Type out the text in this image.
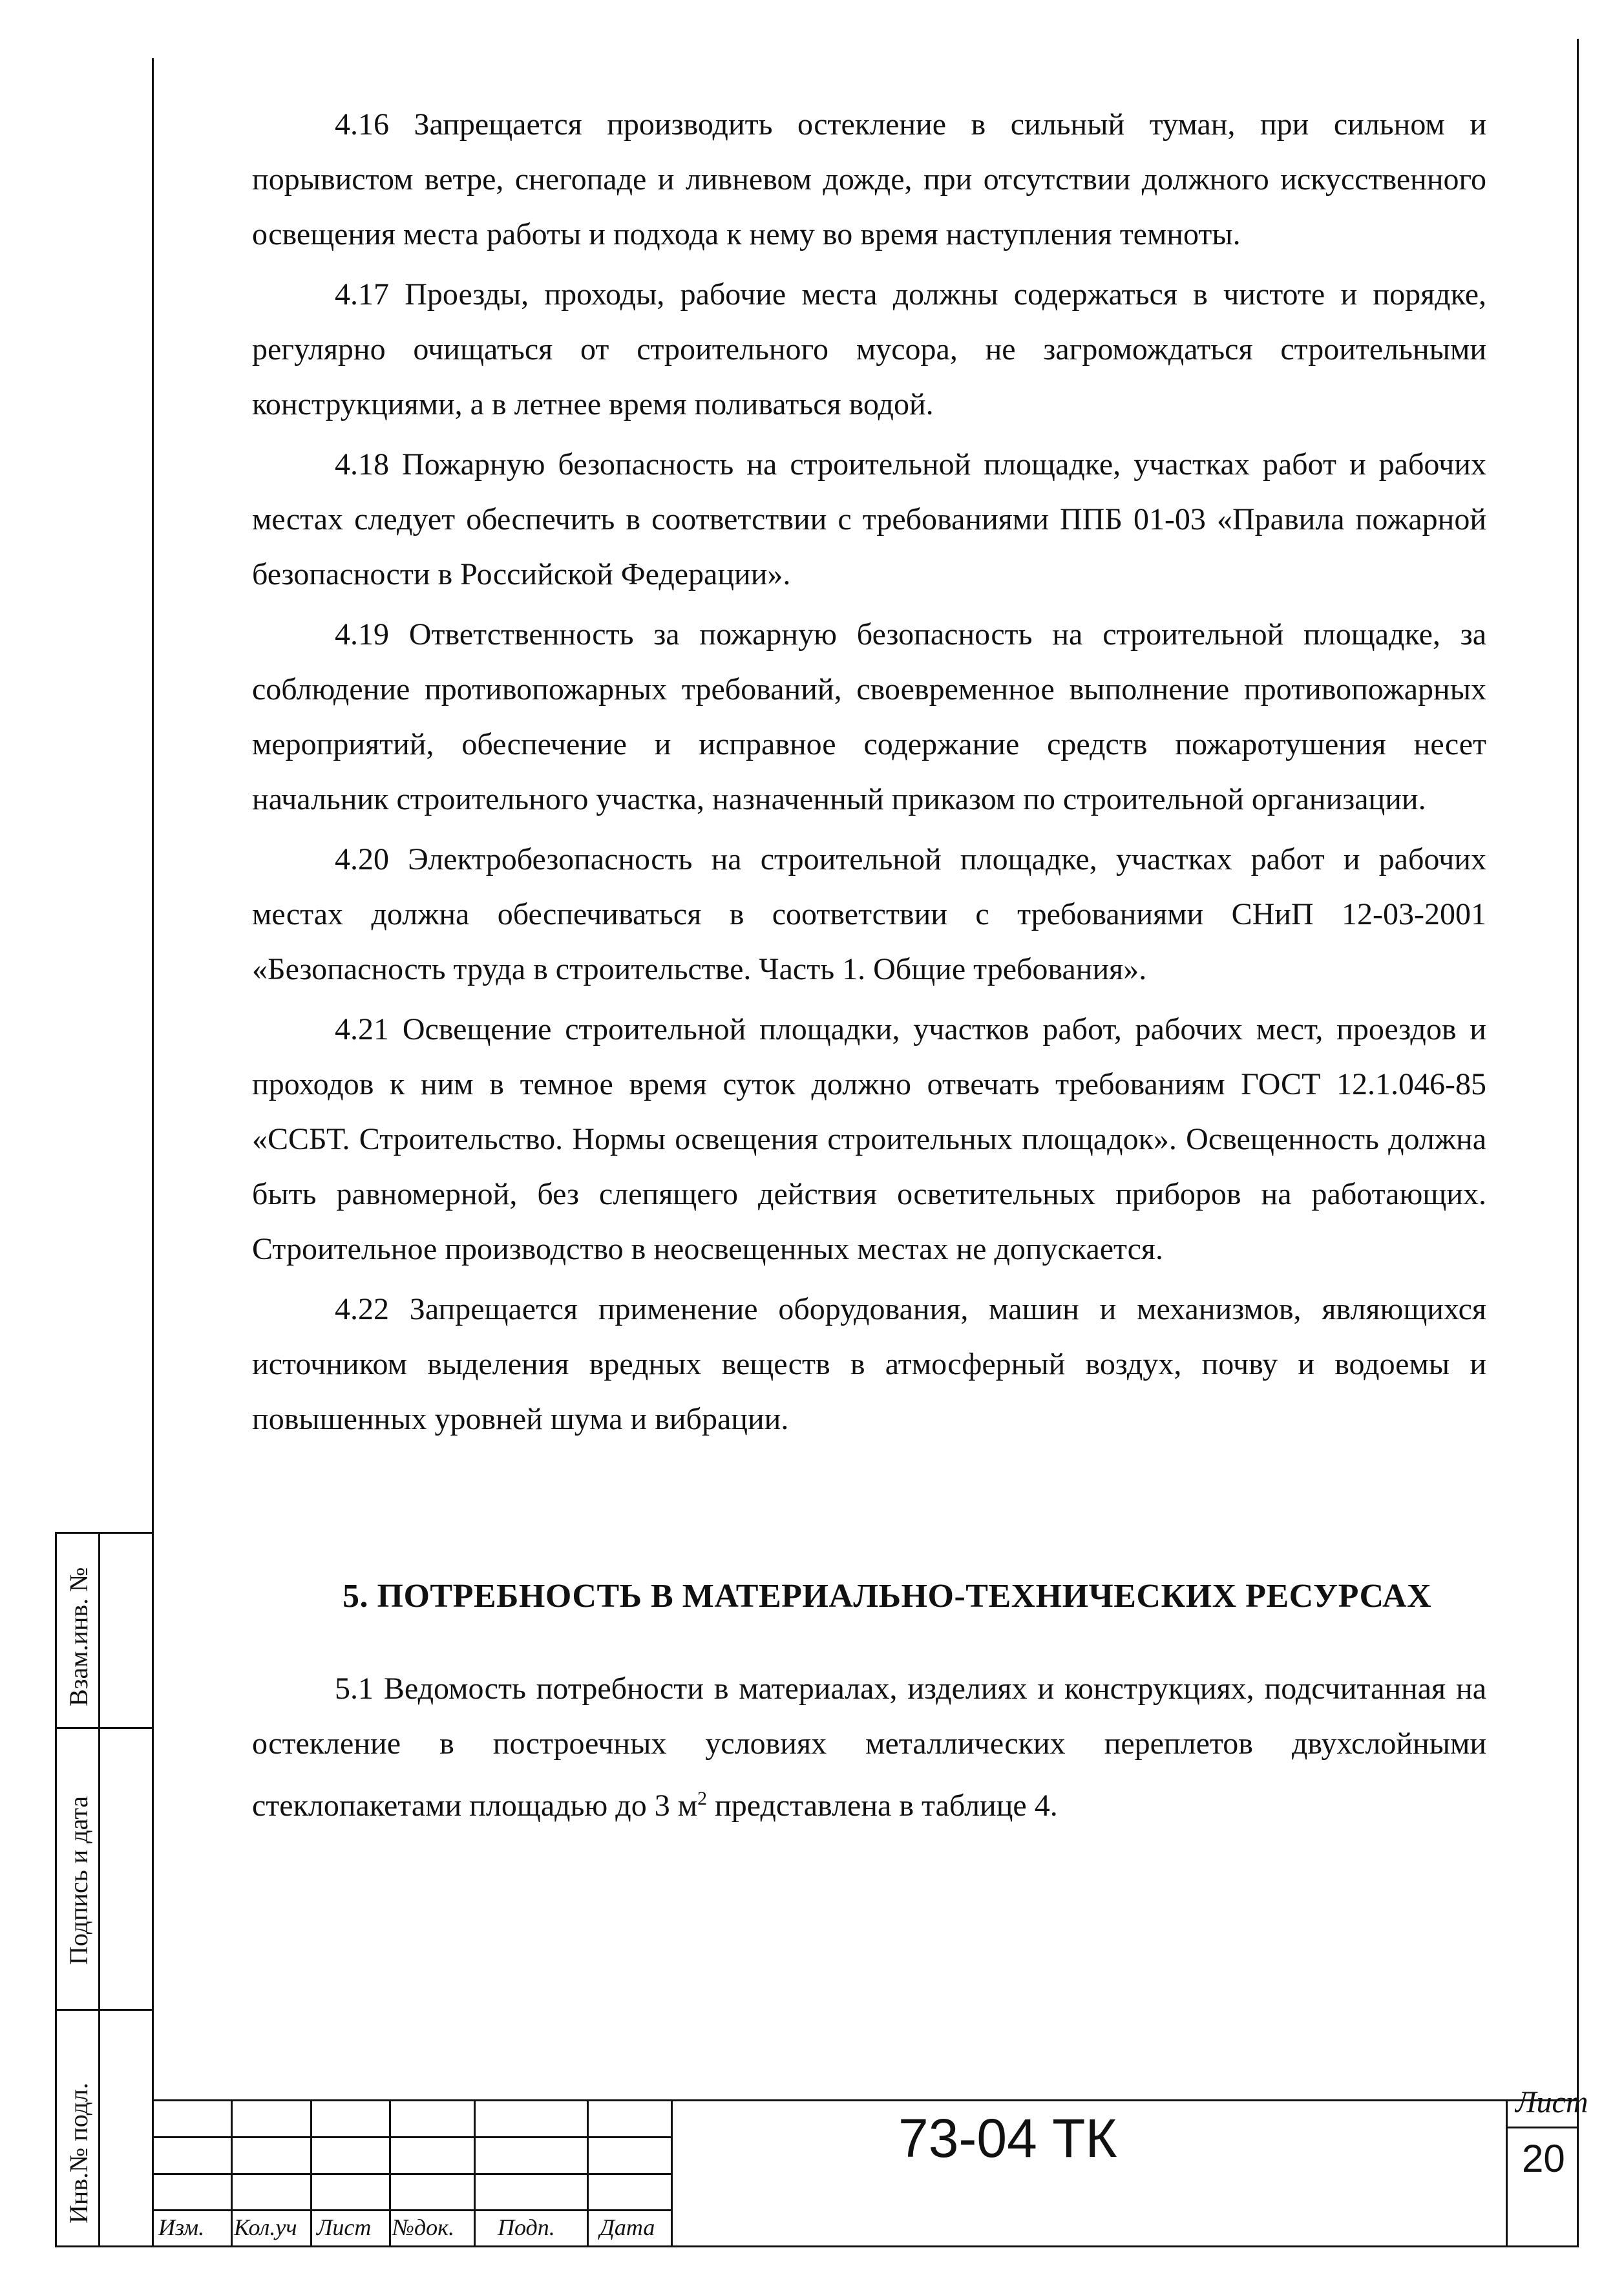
Взам.инв. №
Подпись и дата
Инв.№ подл.

4.16 Запрещается производить остекление в сильный туман, при сильном и порывистом ветре, снегопаде и ливневом дожде, при отсутствии должного искусственного освещения места работы и подхода к нему во время наступления темноты.

4.17 Проезды, проходы, рабочие места должны содержаться в чистоте и порядке, регулярно очищаться от строительного мусора, не загромождаться строительными конструкциями, а в летнее время поливаться водой.

4.18 Пожарную безопасность на строительной площадке, участках работ и рабочих местах следует обеспечить в соответствии с требованиями ППБ 01-03 «Правила пожарной безопасности в Российской Федерации».

4.19 Ответственность за пожарную безопасность на строительной площадке, за соблюдение противопожарных требований, своевременное выполнение противопожарных мероприятий, обеспечение и исправное содержание средств пожаротушения несет начальник строительного участка, назначенный приказом по строительной организации.

4.20 Электробезопасность на строительной площадке, участках работ и рабочих местах должна обеспечиваться в соответствии с требованиями СНиП 12-03-2001 «Безопасность труда в строительстве. Часть 1. Общие требования».

4.21 Освещение строительной площадки, участков работ, рабочих мест, проездов и проходов к ним в темное время суток должно отвечать требованиям ГОСТ 12.1.046-85 «ССБТ. Строительство. Нормы освещения строительных площадок». Освещенность должна быть равномерной, без слепящего действия осветительных приборов на работающих. Строительное производство в неосвещенных местах не допускается.

4.22 Запрещается применение оборудования, машин и механизмов, являющихся источником выделения вредных веществ в атмосферный воздух, почву и водоемы и повышенных уровней шума и вибрации.

5. ПОТРЕБНОСТЬ В МАТЕРИАЛЬНО-ТЕХНИЧЕСКИХ РЕСУРСАХ

5.1 Ведомость потребности в материалах, изделиях и конструкциях, подсчитанная на остекление в построечных условиях металлических переплетов двухслойными стеклопакетами площадью до 3 $м^2$ представлена в таблице 4.

Изм. Кол.уч Лист №док. Подп. Дата
73-04 ТК
Лист
20
